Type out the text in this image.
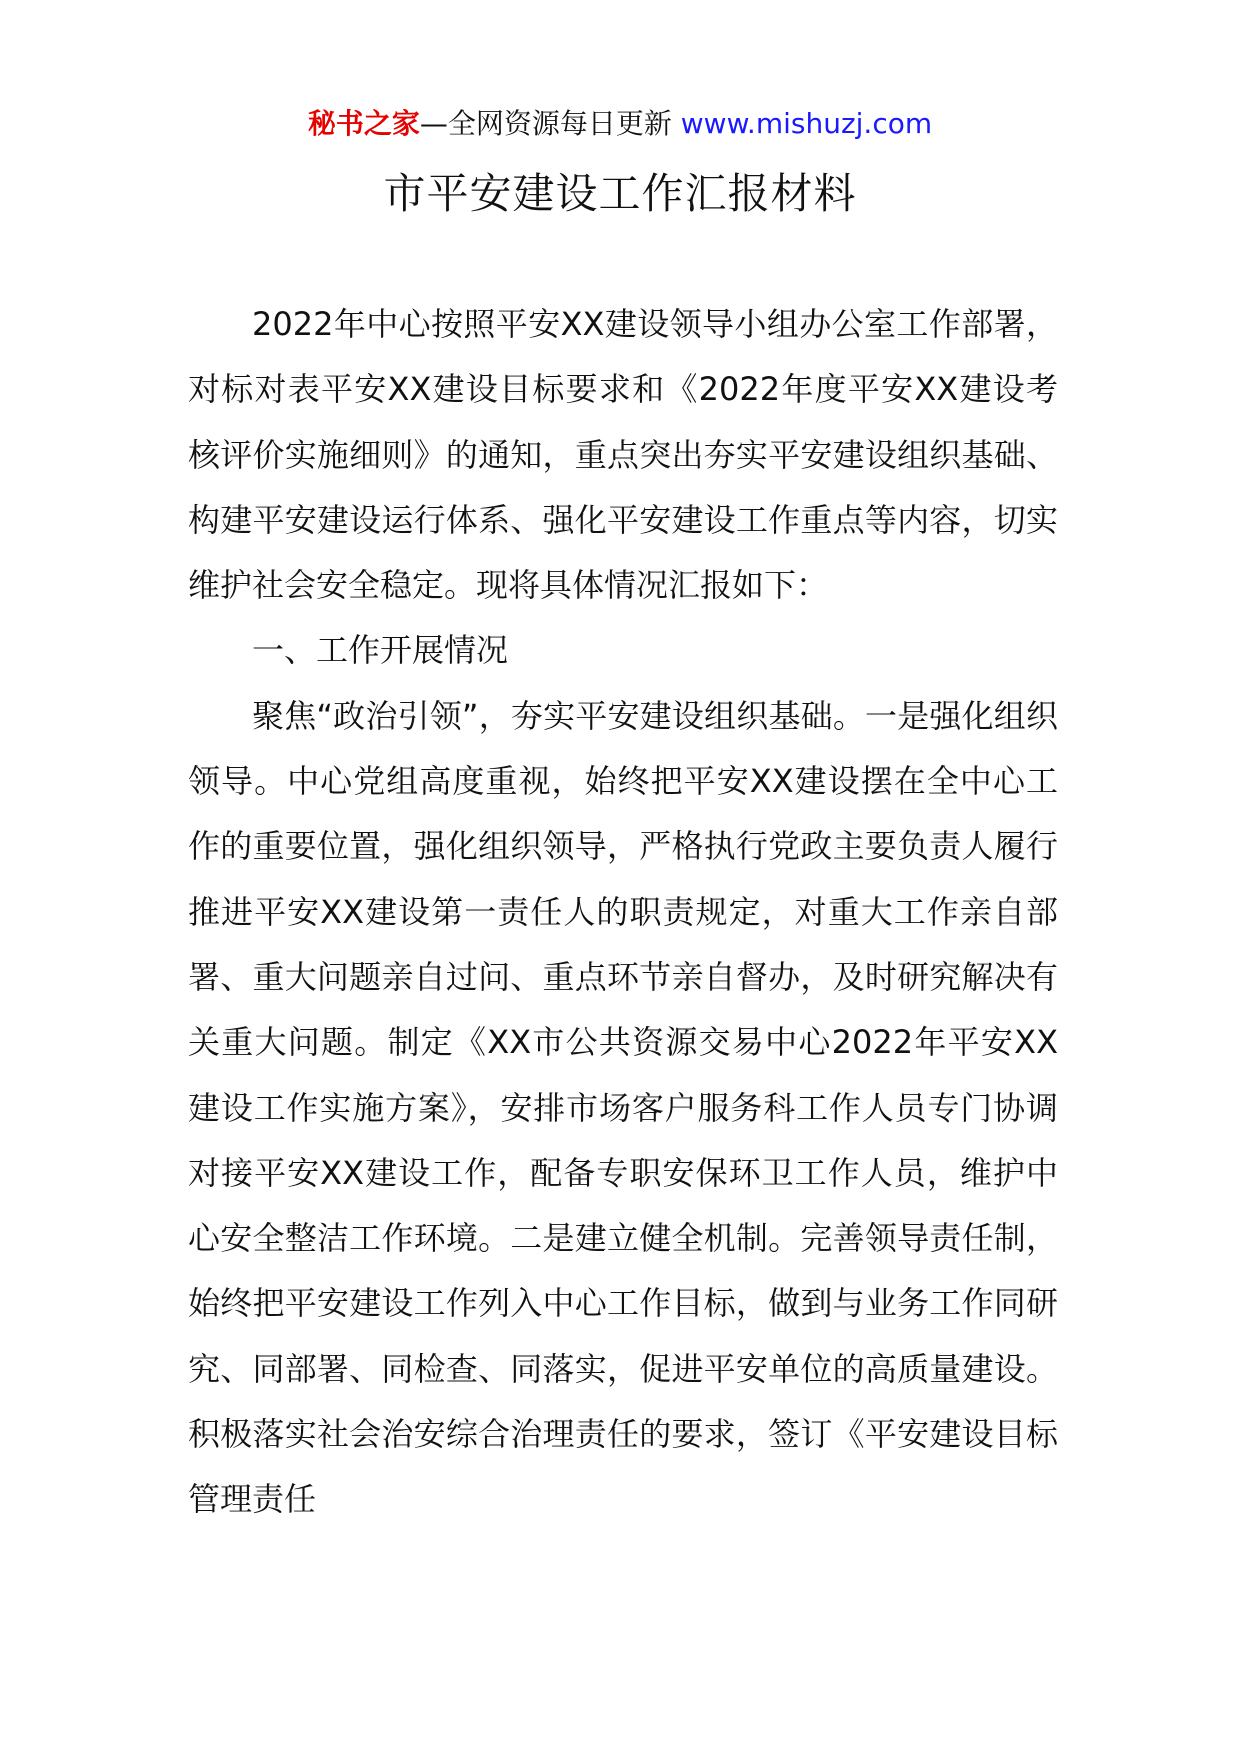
秘书之家—全网资源每日更新 www.mishuzj.com
市平安建设工作汇报材料

2022年中心按照平安XX建设领导小组办公室工作部署，对标对表平安XX建设目标要求和《2022年度平安XX建设考核评价实施细则》的通知，重点突出夯实平安建设组织基础、构建平安建设运行体系、强化平安建设工作重点等内容，切实维护社会安全稳定。现将具体情况汇报如下：

一、工作开展情况

聚焦“政治引领”，夯实平安建设组织基础。一是强化组织领导。中心党组高度重视，始终把平安XX建设摆在全中心工作的重要位置，强化组织领导，严格执行党政主要负责人履行推进平安XX建设第一责任人的职责规定，对重大工作亲自部署、重大问题亲自过问、重点环节亲自督办，及时研究解决有关重大问题。制定《XX市公共资源交易中心2022年平安XX建设工作实施方案》，安排市场客户服务科工作人员专门协调对接平安XX建设工作，配备专职安保环卫工作人员，维护中心安全整洁工作环境。二是建立健全机制。完善领导责任制，始终把平安建设工作列入中心工作目标，做到与业务工作同研究、同部署、同检查、同落实，促进平安单位的高质量建设。积极落实社会治安综合治理责任的要求，签订《平安建设目标管理责任
